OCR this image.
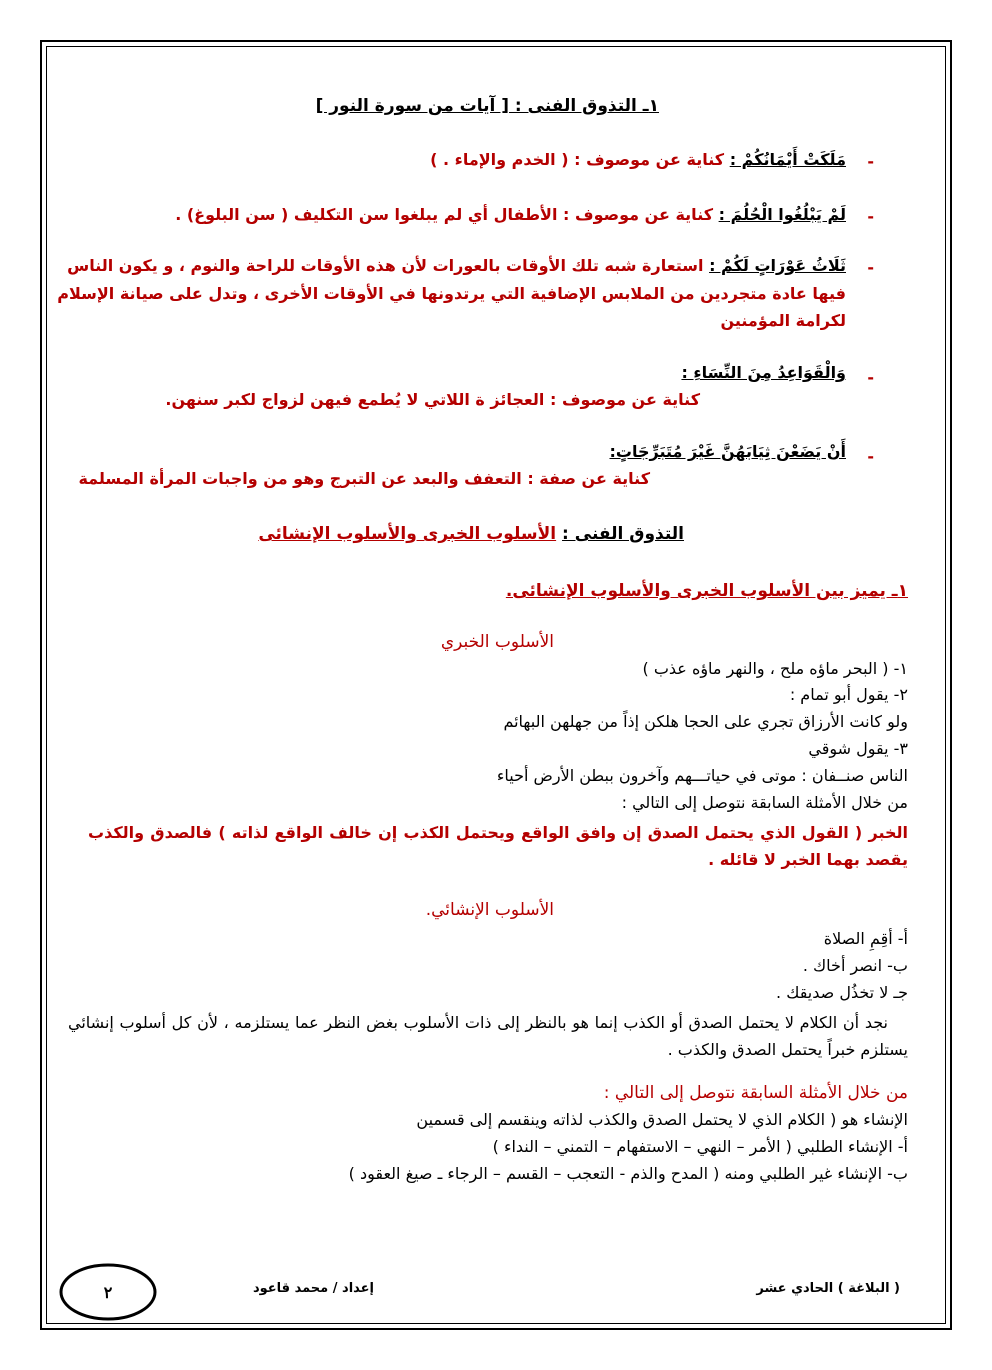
١ـ التذوق الفنى : [ آيات من سورة النور ]
-
مَلَكَتْ أَيْمَانُكُمْ : كناية عن موصوف : ( الخدم والإماء . )
-
لَمْ يَبْلُغُوا الْحُلُمَ : كناية عن موصوف : الأطفال أي لم يبلغوا سن التكليف ( سن البلوغ) .
-
ثَلَاثُ عَوْرَاتٍ لَكُمْ : استعارة شبه تلك الأوقات بالعورات لأن هذه الأوقات للراحة والنوم ، و يكون الناس
فيها عادة متجردين من الملابس الإضافية التي يرتدونها في الأوقات الأخرى ، وتدل على صيانة الإسلام
لكرامة المؤمنين
-
وَالْقَوَاعِدُ مِنَ النِّسَاءِ :
كناية عن موصوف : العجائز ة اللاتي لا يُطمع فيهن لزواج لكبر سنهن.
-
أَنْ يَضَعْنَ ثِيَابَهُنَّ غَيْرَ مُتَبَرِّجَاتٍ:
كناية عن صفة : التعفف والبعد عن التبرج وهو من واجبات المرأة المسلمة
التذوق الفنى : الأسلوب الخبرى والأسلوب الإنشائى
١ـ يميز بين الأسلوب الخبرى والأسلوب الإنشائى.
الأسلوب الخبري
١- ( البحر ماؤه ملح ، والنهر ماؤه عذب )
٢- يقول أبو تمام :
ولو كانت الأرزاق تجري على الحجا هلكن إذاً من جهلهن البهائم
٣- يقول شوقي
الناس صنــفان : موتى في حياتـــهم وآخرون ببطن الأرض أحياء
من خلال الأمثلة السابقة نتوصل إلى التالي :
الخبر ( القول الذي يحتمل الصدق إن وافق الواقع ويحتمل الكذب إن خالف الواقع لذاته ) فالصدق والكذب يقصد بهما الخبر لا قائله .
الأسلوب الإنشائي.
أ- أقِمِ الصلاة
ب- انصر أخاك .
جـ لا تخذُل صديقك .
نجد أن الكلام لا يحتمل الصدق أو الكذب إنما هو بالنظر إلى ذات الأسلوب بغض النظر عما يستلزمه ، لأن كل أسلوب إنشائي يستلزم خبراً يحتمل الصدق والكذب .
من خلال الأمثلة السابقة نتوصل إلى التالي :
الإنشاء هو ( الكلام الذي لا يحتمل الصدق والكذب لذاته وينقسم إلى قسمين
أ- الإنشاء الطلبي ( الأمر – النهي – الاستفهام – التمني – النداء )
ب- الإنشاء غير الطلبي ومنه ( المدح والذم - التعجب – القسم – الرجاء ـ صيغ العقود )
( البلاغة ) الحادي عشر
إعداد / محمد قاعود
٢
